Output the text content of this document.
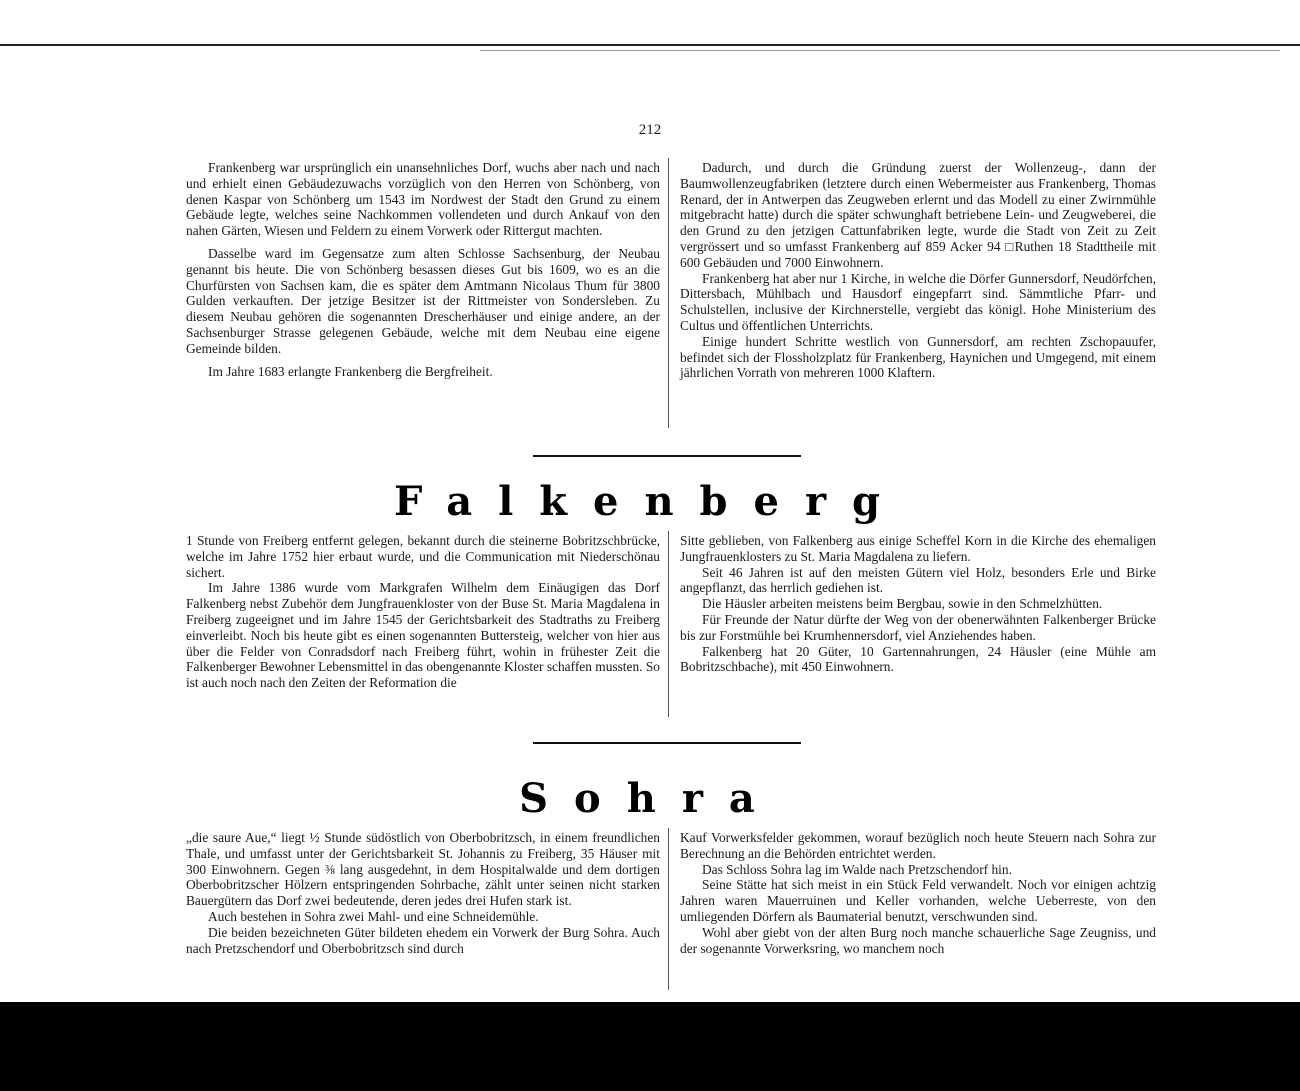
212

Frankenberg war ursprünglich ein unansehnliches Dorf, wuchs aber nach und nach und erhielt einen Gebäudezuwachs vorzüglich von den Herren von Schönberg, von denen Kaspar von Schönberg um 1543 im Nordwest der Stadt den Grund zu einem Gebäude legte, welches seine Nachkommen vollendeten und durch Ankauf von den nahen Gärten, Wiesen und Feldern zu einem Vorwerk oder Rittergut machten.

Dasselbe ward im Gegensatze zum alten Schlosse Sachsenburg, der Neubau genannt bis heute. Die von Schönberg besassen dieses Gut bis 1609, wo es an die Churfürsten von Sachsen kam, die es später dem Amtmann Nicolaus Thum für 3800 Gulden verkauften. Der jetzige Besitzer ist der Rittmeister von Sondersleben. Zu diesem Neubau gehören die sogenannten Drescherhäuser und einige andere, an der Sachsenburger Strasse gelegenen Gebäude, welche mit dem Neubau eine eigene Gemeinde bilden.

Im Jahre 1683 erlangte Frankenberg die Bergfreiheit.

Dadurch, und durch die Gründung zuerst der Wollenzeug-, dann der Baumwollenzeugfabriken (letztere durch einen Webermeister aus Frankenberg, Thomas Renard, der in Antwerpen das Zeugweben erlernt und das Modell zu einer Zwirnmühle mitgebracht hatte) durch die später schwunghaft betriebene Lein- und Zeugweberei, die den Grund zu den jetzigen Cattunfabriken legte, wurde die Stadt von Zeit zu Zeit vergrössert und so umfasst Frankenberg auf 859 Acker 94 □Ruthen 18 Stadttheile mit 600 Gebäuden und 7000 Einwohnern.

Frankenberg hat aber nur 1 Kirche, in welche die Dörfer Gunnersdorf, Neudörfchen, Dittersbach, Mühlbach und Hausdorf eingepfarrt sind. Sämmtliche Pfarr- und Schulstellen, inclusive der Kirchnerstelle, vergiebt das königl. Hohe Ministerium des Cultus und öffentlichen Unterrichts.

Einige hundert Schritte westlich von Gunnersdorf, am rechten Zschopauufer, befindet sich der Flossholzplatz für Frankenberg, Haynichen und Umgegend, mit einem jährlichen Vorrath von mehreren 1000 Klaftern.

Falkenberg

1 Stunde von Freiberg entfernt gelegen, bekannt durch die steinerne Bobritzschbrücke, welche im Jahre 1752 hier erbaut wurde, und die Communication mit Niederschönau sichert.

Im Jahre 1386 wurde vom Markgrafen Wilhelm dem Einäugigen das Dorf Falkenberg nebst Zubehör dem Jungfrauenkloster von der Buse St. Maria Magdalena in Freiberg zugeeignet und im Jahre 1545 der Gerichtsbarkeit des Stadtraths zu Freiberg einverleibt. Noch bis heute gibt es einen sogenannten Buttersteig, welcher von hier aus über die Felder von Conradsdorf nach Freiberg führt, wohin in frühester Zeit die Falkenberger Bewohner Lebensmittel in das obengenannte Kloster schaffen mussten. So ist auch noch nach den Zeiten der Reformation die

Sitte geblieben, von Falkenberg aus einige Scheffel Korn in die Kirche des ehemaligen Jungfrauenklosters zu St. Maria Magdalena zu liefern.

Seit 46 Jahren ist auf den meisten Gütern viel Holz, besonders Erle und Birke angepflanzt, das herrlich gediehen ist.

Die Häusler arbeiten meistens beim Bergbau, sowie in den Schmelzhütten.

Für Freunde der Natur dürfte der Weg von der obenerwähnten Falkenberger Brücke bis zur Forstmühle bei Krumhennersdorf, viel Anziehendes haben.

Falkenberg hat 20 Güter, 10 Gartennahrungen, 24 Häusler (eine Mühle am Bobritzschbache), mit 450 Einwohnern.

Sohra

„die saure Aue,“ liegt ½ Stunde südöstlich von Oberbobritzsch, in einem freundlichen Thale, und umfasst unter der Gerichtsbarkeit St. Johannis zu Freiberg, 35 Häuser mit 300 Einwohnern. Gegen ⅜ lang ausgedehnt, in dem Hospitalwalde und dem dortigen Oberbobritzscher Hölzern entspringenden Sohrbache, zählt unter seinen nicht starken Bauergütern das Dorf zwei bedeutende, deren jedes drei Hufen stark ist.

Auch bestehen in Sohra zwei Mahl- und eine Schneidemühle.

Die beiden bezeichneten Güter bildeten ehedem ein Vorwerk der Burg Sohra. Auch nach Pretzschendorf und Oberbobritzsch sind durch

Kauf Vorwerksfelder gekommen, worauf bezüglich noch heute Steuern nach Sohra zur Berechnung an die Behörden entrichtet werden.

Das Schloss Sohra lag im Walde nach Pretzschendorf hin.

Seine Stätte hat sich meist in ein Stück Feld verwandelt. Noch vor einigen achtzig Jahren waren Mauerruinen und Keller vorhanden, welche Ueberreste, von den umliegenden Dörfern als Baumaterial benutzt, verschwunden sind.

Wohl aber giebt von der alten Burg noch manche schauerliche Sage Zeugniss, und der sogenannte Vorwerksring, wo manchem noch
